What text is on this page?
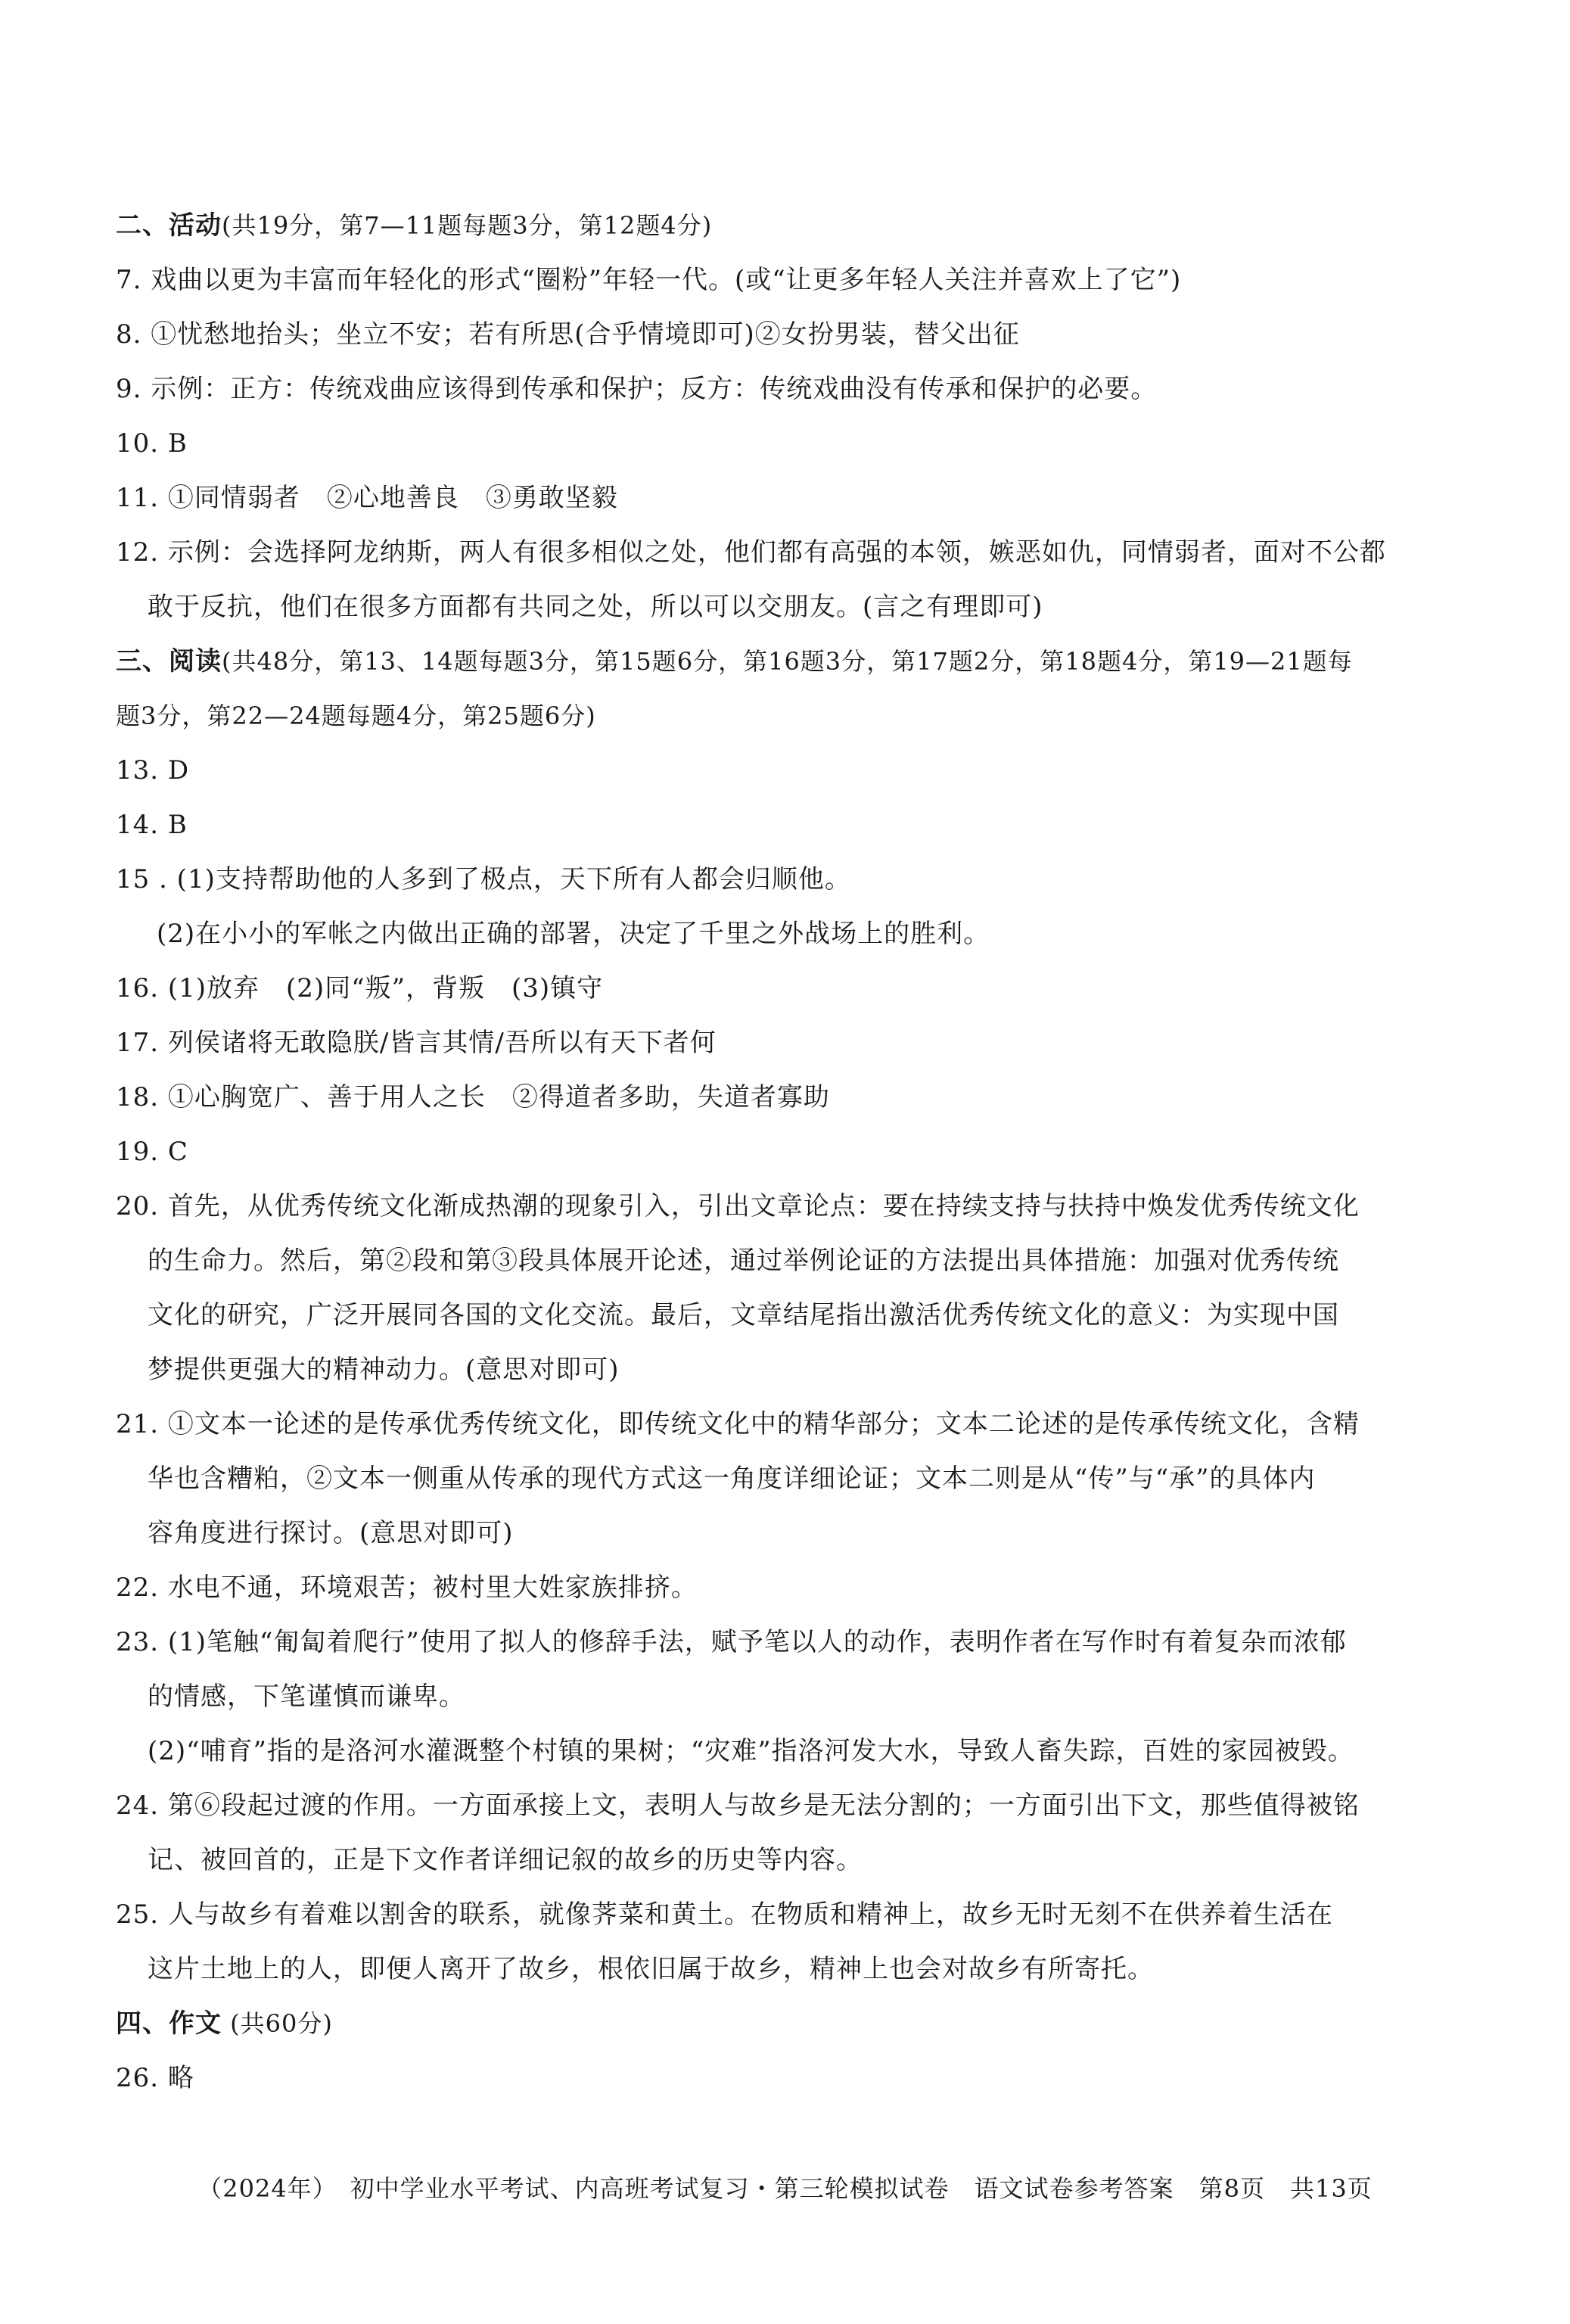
二、活动(共19分，第7—11题每题3分，第12题4分)
7. 戏曲以更为丰富而年轻化的形式“圈粉”年轻一代。(或“让更多年轻人关注并喜欢上了它”)
8. ①忧愁地抬头；坐立不安；若有所思(合乎情境即可)②女扮男装，替父出征
9. 示例：正方：传统戏曲应该得到传承和保护；反方：传统戏曲没有传承和保护的必要。
10. B
11. ①同情弱者　②心地善良　③勇敢坚毅
12. 示例：会选择阿龙纳斯，两人有很多相似之处，他们都有高强的本领，嫉恶如仇，同情弱者，面对不公都
敢于反抗，他们在很多方面都有共同之处，所以可以交朋友。(言之有理即可)
三、阅读(共48分，第13、14题每题3分，第15题6分，第16题3分，第17题2分，第18题4分，第19—21题每
题3分，第22—24题每题4分，第25题6分)
13. D
14. B
15 . (1)支持帮助他的人多到了极点，天下所有人都会归顺他。
(2)在小小的军帐之内做出正确的部署，决定了千里之外战场上的胜利。
16. (1)放弃　(2)同“叛”，背叛　(3)镇守
17. 列侯诸将无敢隐朕/皆言其情/吾所以有天下者何
18. ①心胸宽广、善于用人之长　②得道者多助，失道者寡助
19. C
20. 首先，从优秀传统文化渐成热潮的现象引入，引出文章论点：要在持续支持与扶持中焕发优秀传统文化
的生命力。然后，第②段和第③段具体展开论述，通过举例论证的方法提出具体措施：加强对优秀传统
文化的研究，广泛开展同各国的文化交流。最后，文章结尾指出激活优秀传统文化的意义：为实现中国
梦提供更强大的精神动力。(意思对即可)
21. ①文本一论述的是传承优秀传统文化，即传统文化中的精华部分；文本二论述的是传承传统文化，含精
华也含糟粕，②文本一侧重从传承的现代方式这一角度详细论证；文本二则是从“传”与“承”的具体内
容角度进行探讨。(意思对即可)
22. 水电不通，环境艰苦；被村里大姓家族排挤。
23. (1)笔触“匍匐着爬行”使用了拟人的修辞手法，赋予笔以人的动作，表明作者在写作时有着复杂而浓郁
的情感，下笔谨慎而谦卑。
(2)“哺育”指的是洛河水灌溉整个村镇的果树；“灾难”指洛河发大水，导致人畜失踪，百姓的家园被毁。
24. 第⑥段起过渡的作用。一方面承接上文，表明人与故乡是无法分割的；一方面引出下文，那些值得被铭
记、被回首的，正是下文作者详细记叙的故乡的历史等内容。
25. 人与故乡有着难以割舍的联系，就像荠菜和黄土。在物质和精神上，故乡无时无刻不在供养着生活在
这片土地上的人，即便人离开了故乡，根依旧属于故乡，精神上也会对故乡有所寄托。
四、作文 (共60分)
26. 略
（2024年）　初中学业水平考试、内高班考试复习・第三轮模拟试卷　语文试卷参考答案　第8页　共13页
